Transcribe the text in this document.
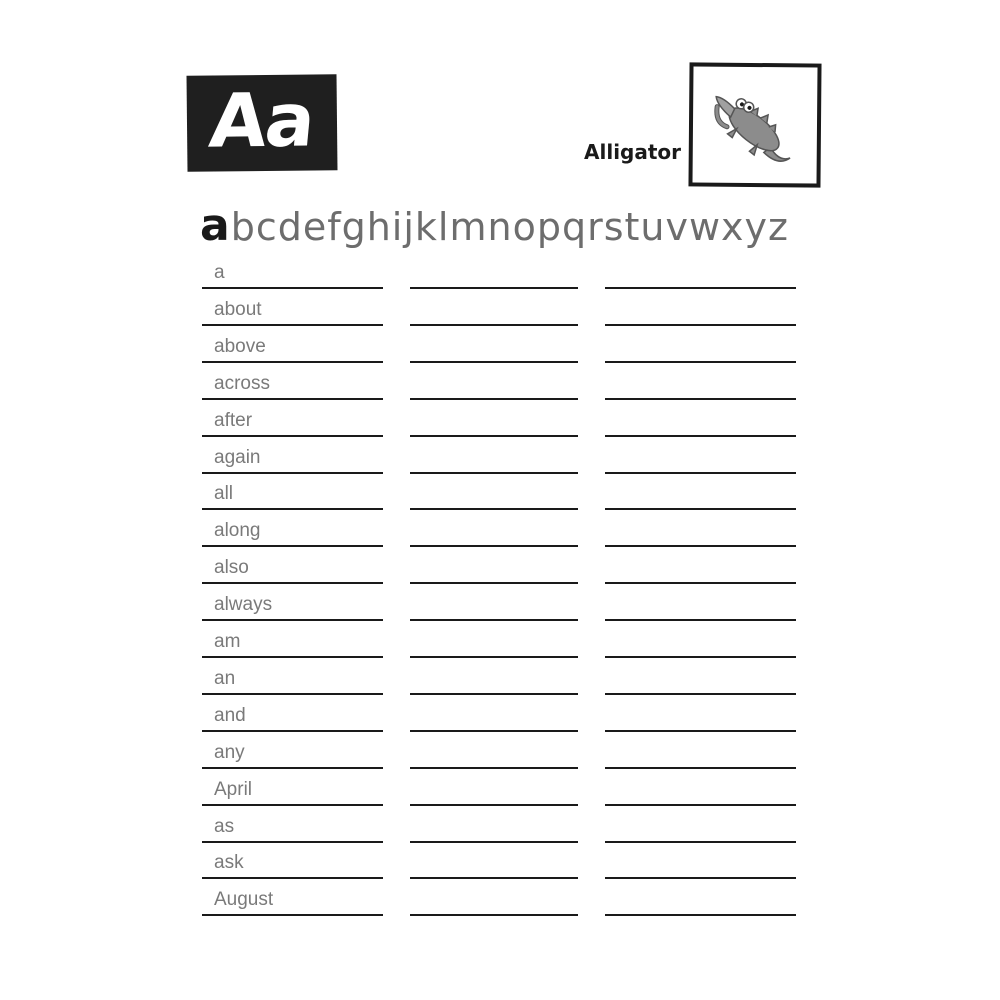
Aa	Alligator
abcdefghijklmnopqrstuvwxyz
a
about
above
across
after
again
all
along
also
always
am
an
and
any
April
as
ask
August
